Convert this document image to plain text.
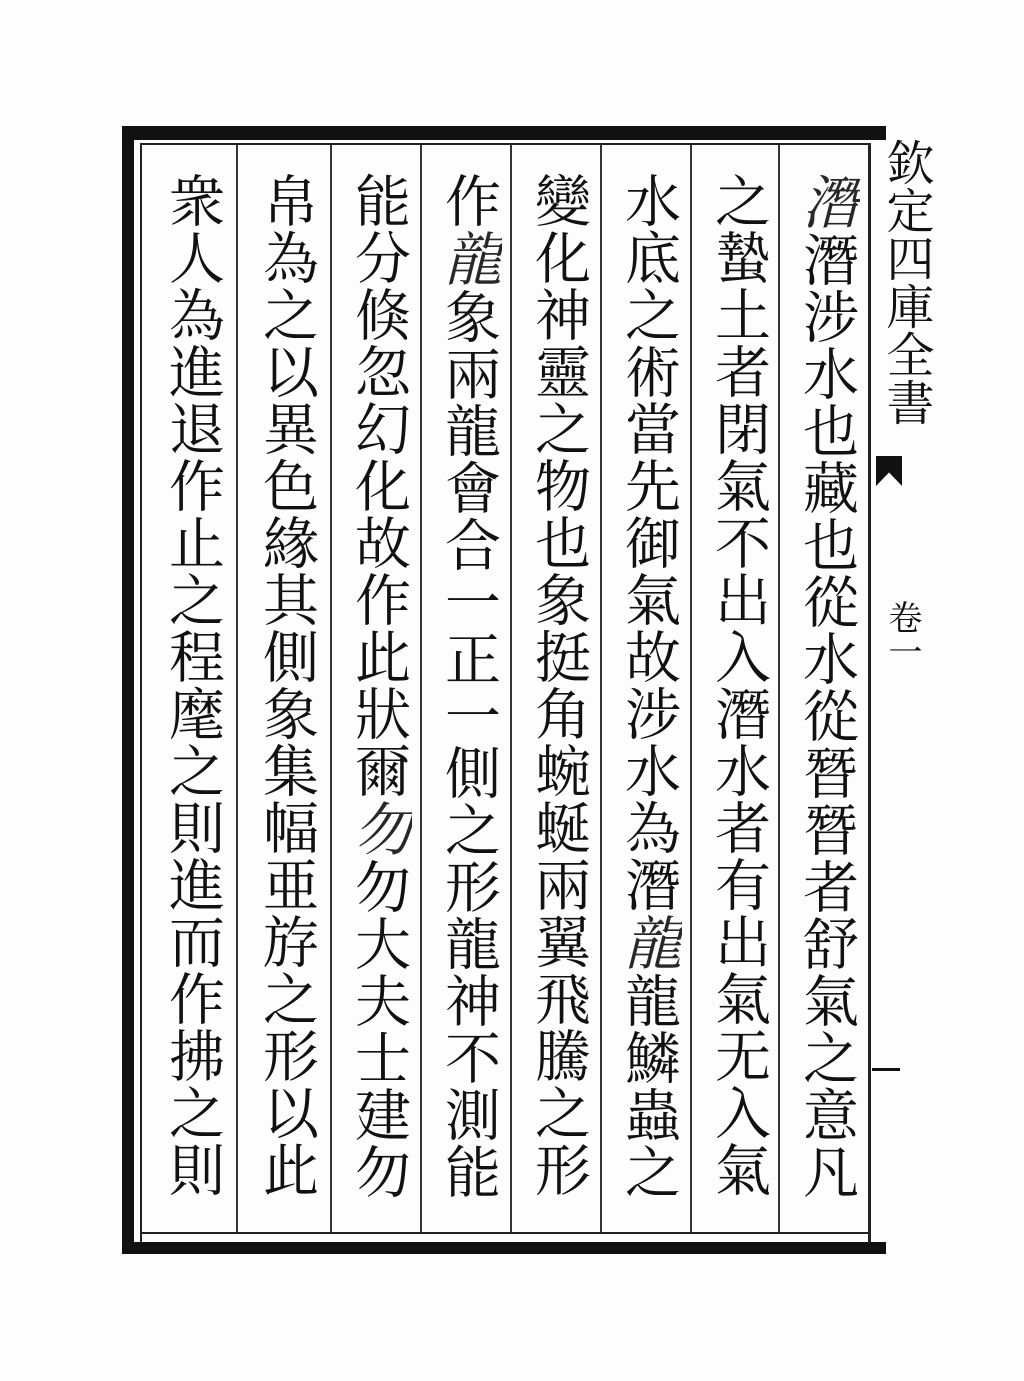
潛潛涉水也藏也從水從朁朁者舒氣之意凡
之蟄土者閉氣不出入潛水者有出氣无入氣
水底之術當先御氣故涉水為潛龍龍鱗蟲之
變化神靈之物也象挺角蜿蜒兩翼飛騰之形
作龍象兩龍會合一正一側之形龍神不測能
能分倏忽幻化故作此狀爾勿勿大夫士建勿
帛為之以異色緣其側象集幅亜斿之形以此
衆人為進退作止之程麾之則進而作拂之則
欽定四庫全書
卷一
